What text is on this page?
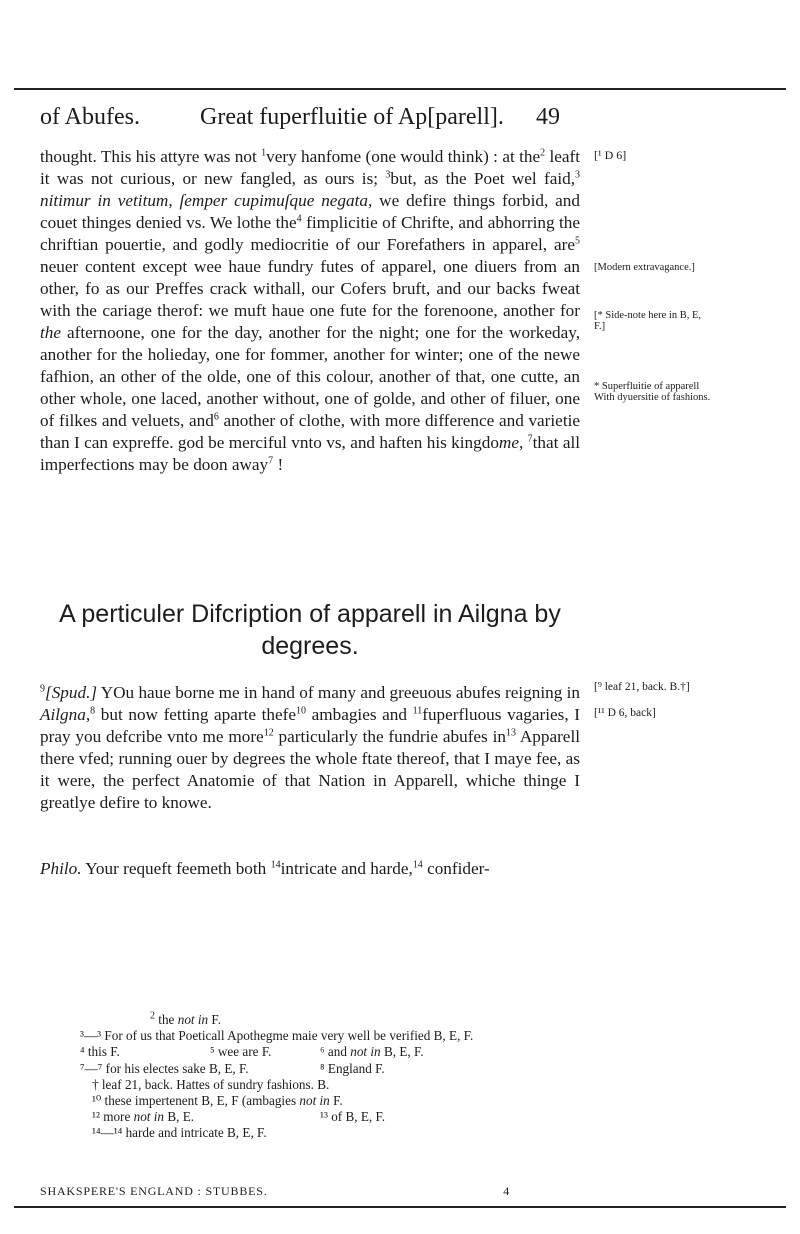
of Abufes.	Great fuperfluitie of Ap[parell]. 49
thought. This his attyre was not $^1$very hanfome (one would think) : at the$^2$ leaft it was not curious, or new fangled, as ours is; $^3$but, as the Poet wel faid,$^3$ nitimur in vetitum, ſemper cupimuſque negata, we defire things forbid, and couet thinges denied vs. We lothe the$^4$ fimplicitie of Chrifte, and abhorring the chriftian pouertie, and godly mediocritie of our Forefathers in apparel, are$^5$ neuer content except wee haue fundry futes of apparel, one diuers from an other, fo as our Preffes crack withall, our Cofers bruft, and our backs fweat with the cariage therof: we muft haue one fute for the forenoone, another for the afternoone, one for the day, another for the night; one for the workeday, another for the holieday, one for fommer, another for winter; one of the newe fafhion, an other of the olde, one of this colour, another of that, one cutte, an other whole, one laced, another without, one of golde, and other of filuer, one of filkes and veluets, and$^6$ another of clothe, with more difference and varietie than I can expreffe. god be merciful vnto vs, and haften his kingdome, $^7$that all imperfections may be doon away$^7$ !
A perticuler Difcription of apparell in Ailgna by degrees.
$^9$[Spud.] YOu haue borne me in hand of many and greeuous abufes reigning in Ailgna,$^8$ but now fetting aparte thefe$^{10}$ ambagies and $^{11}$fuperfluous vagaries, I pray you defcribe vnto me more$^{12}$ particularly the fundrie abufes $in^{13}$ Apparell there vfed; running ouer by degrees the whole ftate thereof, that I maye fee, as it were, the perfect Anatomie of that Nation in Apparell, whiche thinge I greatlye defire to knowe.
Philo. Your requeft feemeth both $^{14}$intricate and harde,$^{14}$ confider-
[¹ D 6]
[Modern extravagance.]
[* Side-note here in B, E, F.]
* Superfluitie of apparell With dyuersitie of fashions.
[⁹ leaf 21, back. B.†]
[¹¹ D 6, back]
$^2$ the not in F.
³—³ For of us that Poeticall Apothegme maie very well be verified B, E, F.
⁴ this F.	⁵ wee are F.	⁶ and not in B, E, F.
⁷—⁷ for his electes sake B, E, F.	⁸ England F.
† leaf 21, back. Hattes of sundry fashions. B.
¹⁰ these impertenent B, E, F (ambagies not in F.
¹² more not in B, E.	¹³ of B, E, F.
¹⁴—¹⁴ harde and intricate B, E, F.
SHAKSPERE'S ENGLAND : STUBBES.	4
